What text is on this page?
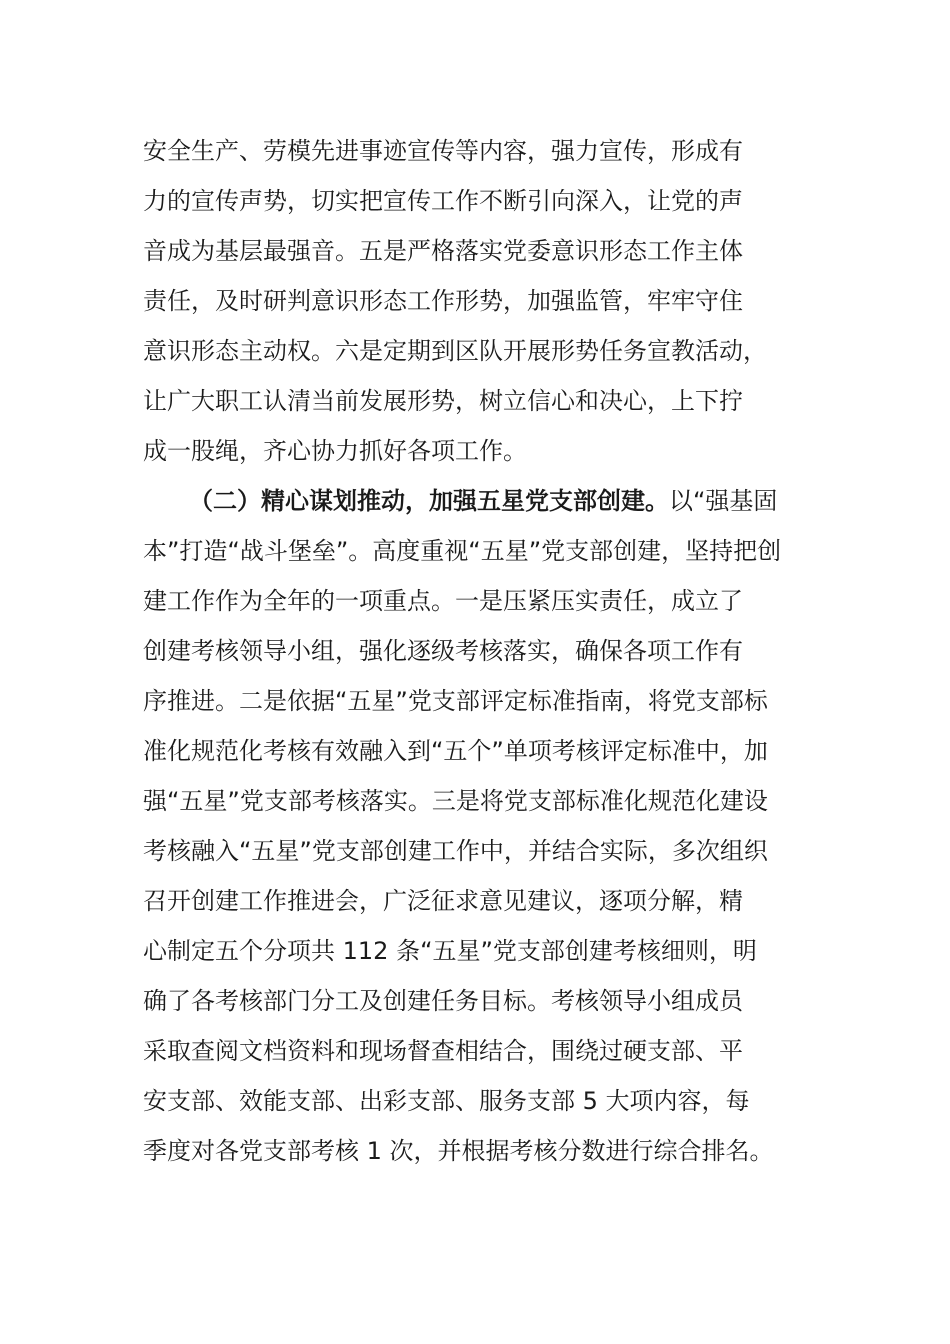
安全生产、劳模先进事迹宣传等内容，强力宣传，形成有
力的宣传声势，切实把宣传工作不断引向深入，让党的声
音成为基层最强音。五是严格落实党委意识形态工作主体
责任，及时研判意识形态工作形势，加强监管，牢牢守住
意识形态主动权。六是定期到区队开展形势任务宣教活动，
让广大职工认清当前发展形势，树立信心和决心，上下拧
成一股绳，齐心协力抓好各项工作。
（二）精心谋划推动，加强五星党支部创建。以“强基固
本”打造“战斗堡垒”。高度重视“五星”党支部创建，坚持把创
建工作作为全年的一项重点。一是压紧压实责任，成立了
创建考核领导小组，强化逐级考核落实，确保各项工作有
序推进。二是依据“五星”党支部评定标准指南，将党支部标
准化规范化考核有效融入到“五个”单项考核评定标准中，加
强“五星”党支部考核落实。三是将党支部标准化规范化建设
考核融入“五星”党支部创建工作中，并结合实际，多次组织
召开创建工作推进会，广泛征求意见建议，逐项分解，精
心制定五个分项共 112 条“五星”党支部创建考核细则，明
确了各考核部门分工及创建任务目标。考核领导小组成员
采取查阅文档资料和现场督查相结合，围绕过硬支部、平
安支部、效能支部、出彩支部、服务支部 5 大项内容，每
季度对各党支部考核 1 次，并根据考核分数进行综合排名。
